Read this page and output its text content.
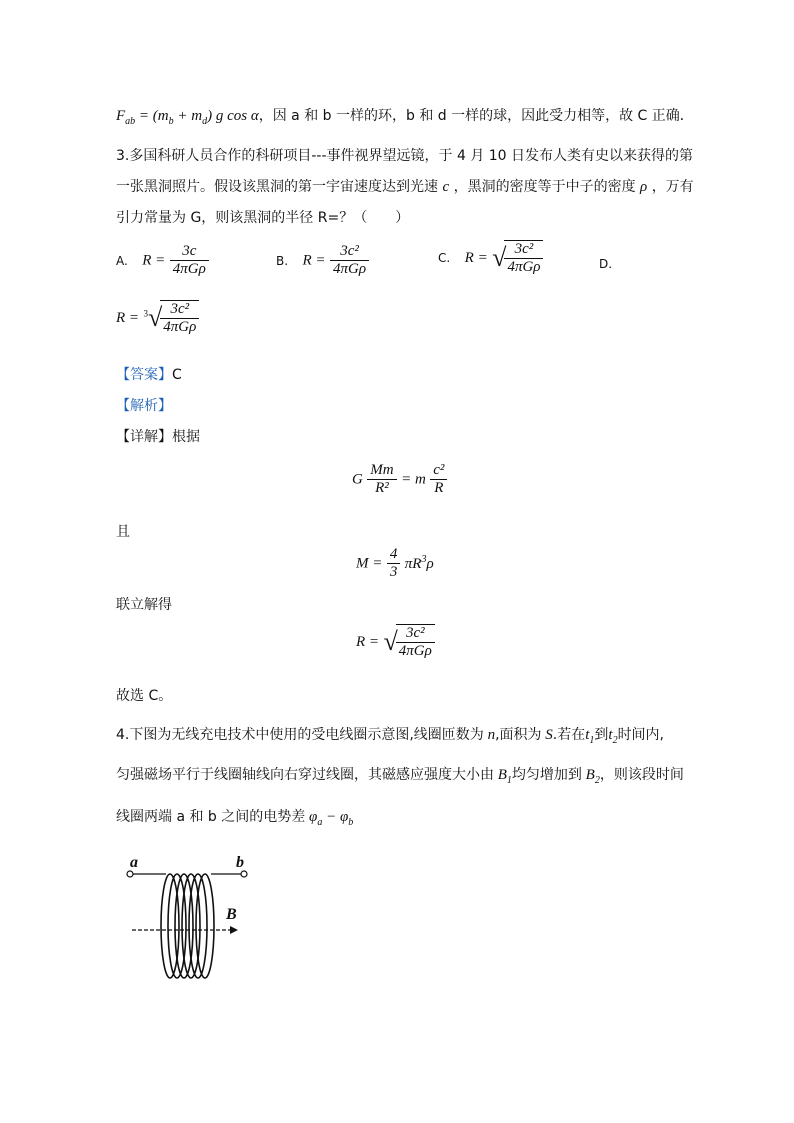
$F_{ab} = (m_b + m_d)$ g cos α，因 a 和 b 一样的环，b 和 d 一样的球，因此受力相等，故 C 正确．
3.多国科研人员合作的科研项目---事件视界望远镜，于 4 月 10 日发布人类有史以来获得的第
一张黑洞照片。假设该黑洞的第一宇宙速度达到光速 c ，黑洞的密度等于中子的密度 ρ ，万有
引力常量为 G，则该黑洞的半径 R=？（　　）
A. $R = \frac{3c}{\text{4πGρ}}$	B. $R = \frac{\text{3c²}}{\text{4πGρ}}$	C. R = √
$\frac{\text{3c²}}{\text{4πGρ}}$	D.
R = $^3$√
$\frac{\text{3c²}}{\text{4πGρ}}$
【答案】C
【解析】
【详解】根据
G $\frac{Mm}{\text{R²}} = m \frac{\text{c²}}{R}$
且
$M = \frac{4}{3} \pi R^3\rho$
联立解得
R = √
$\frac{\text{3c²}}{\text{4πGρ}}$
故选 C。
4.下图为无线充电技术中使用的受电线圈示意图,线圈匝数为 n,面积为 S.若在$t_1$到$t_2$时间内,
匀强磁场平行于线圈轴线向右穿过线圈，其磁感应强度大小由 $B_1$均匀增加到 $B_2$，则该段时间
线圈两端 a 和 b 之间的电势差 $\varphi_a - \varphi_b$
a	b
B
